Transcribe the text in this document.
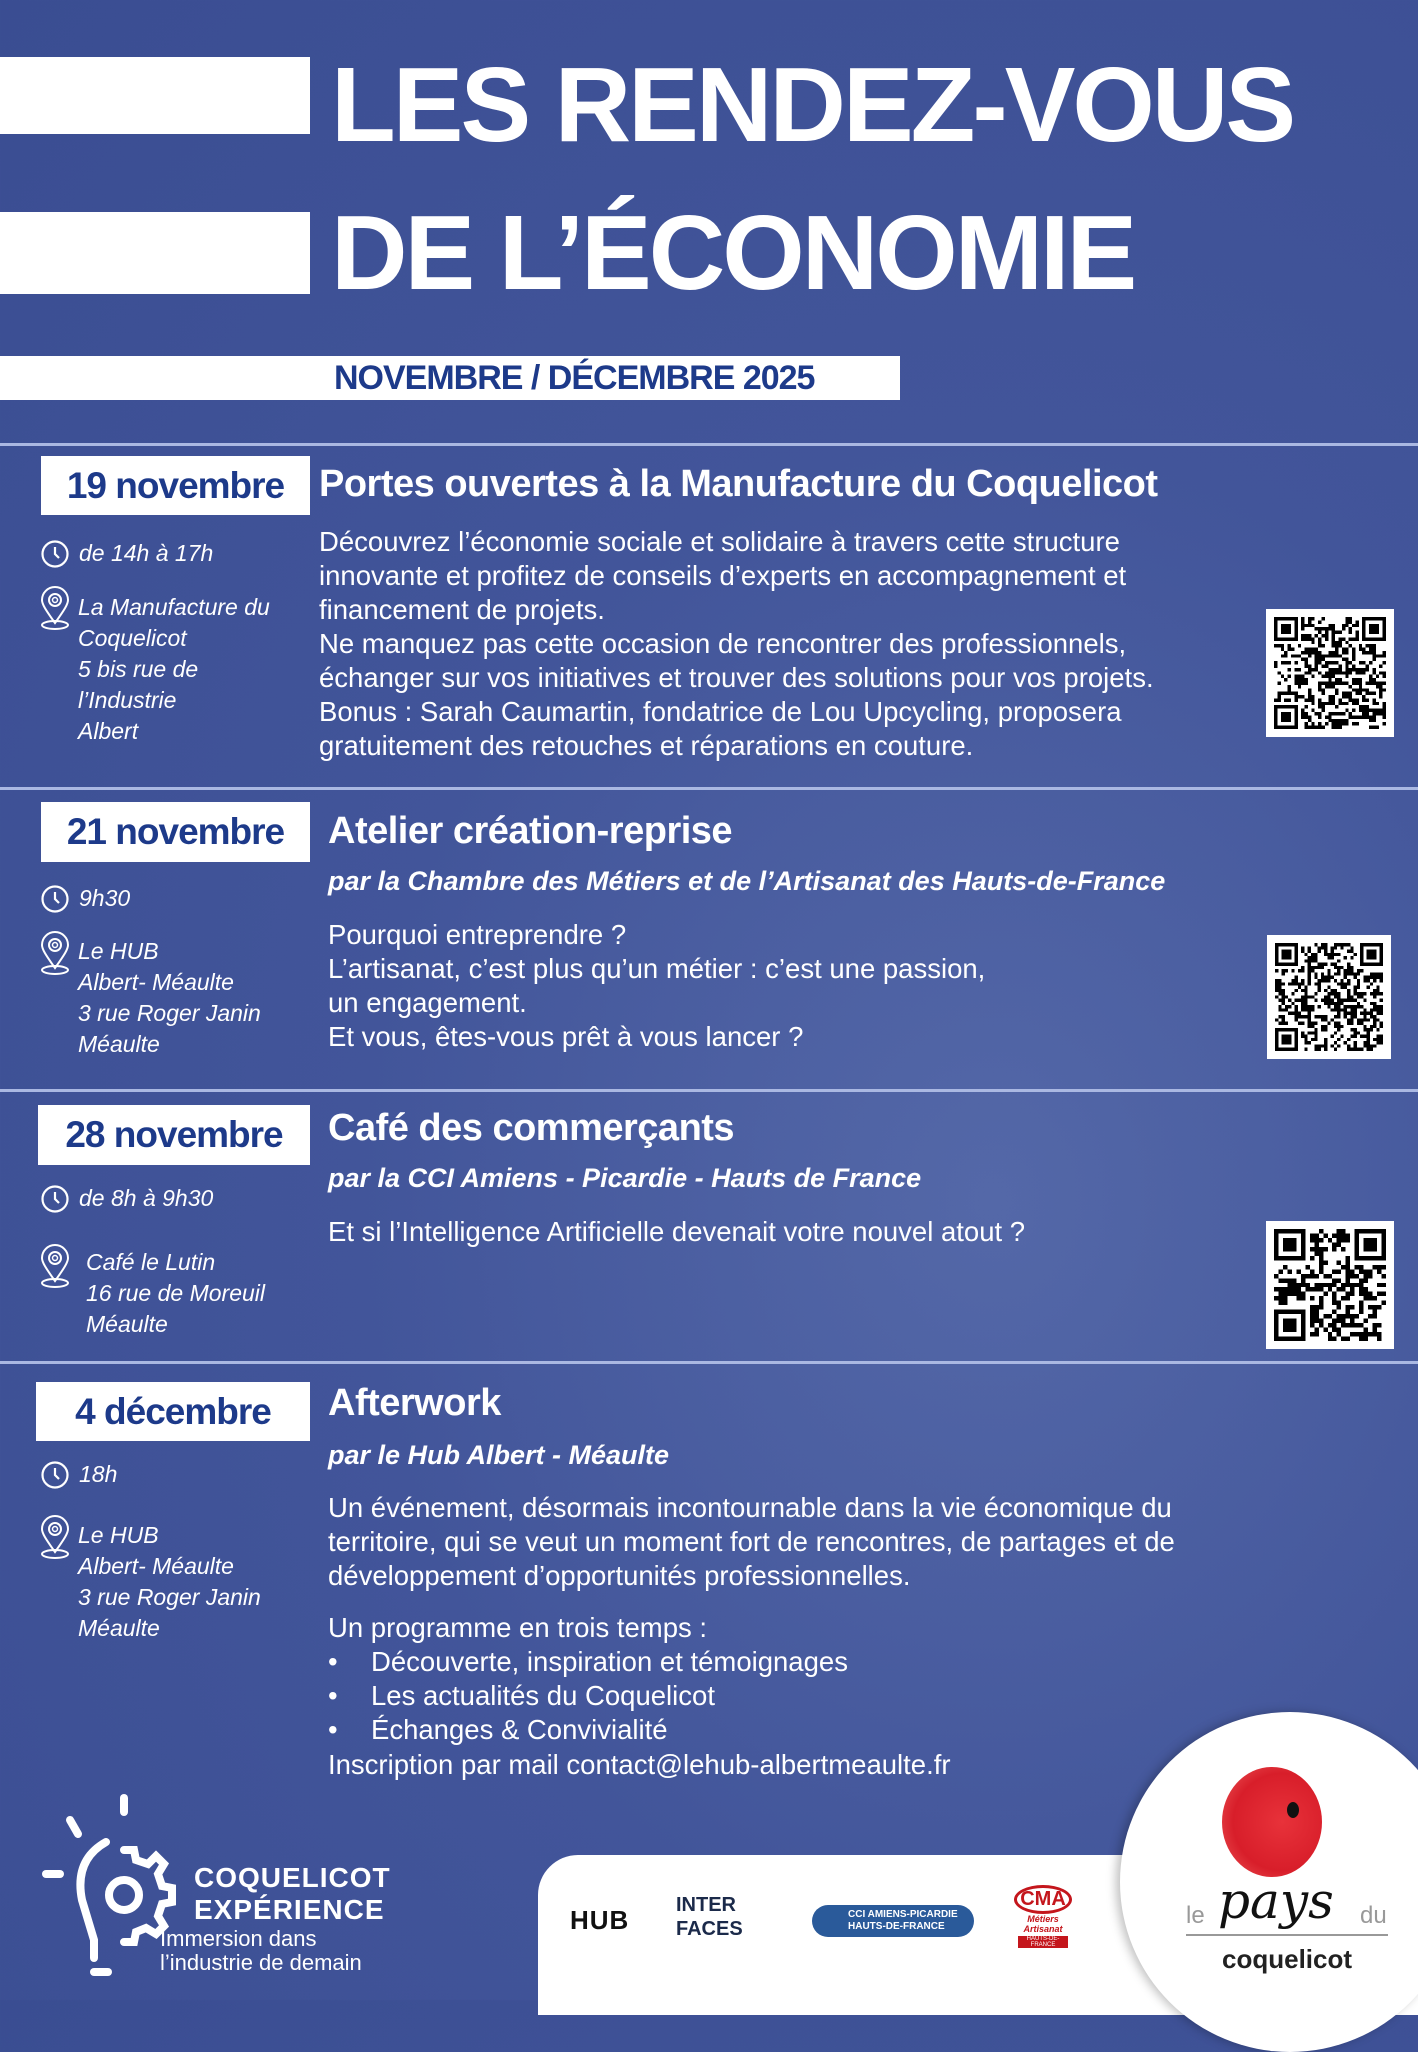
LES RENDEZ-VOUS
DE L’ÉCONOMIE
NOVEMBRE / DÉCEMBRE 2025
19 novembre Portes ouvertes à la Manufacture du Coquelicot
de 14h à 17h
La Manufacture du
Coquelicot
5 bis rue de
l’Industrie
Albert
Découvrez l’économie sociale et solidaire à travers cette structure
innovante et profitez de conseils d’experts en accompagnement et
financement de projets.
Ne manquez pas cette occasion de rencontrer des professionnels,
échanger sur vos initiatives et trouver des solutions pour vos projets.
Bonus : Sarah Caumartin, fondatrice de Lou Upcycling, proposera
gratuitement des retouches et réparations en couture.
21 novembre	Atelier création-reprise
par la Chambre des Métiers et de l’Artisanat des Hauts-de-France
9h30
Le HUB
Albert- Méaulte
3 rue Roger Janin
Méaulte
Pourquoi entreprendre ?
L’artisanat, c’est plus qu’un métier : c’est une passion,
un engagement.
Et vous, êtes-vous prêt à vous lancer ?
28 novembre	Café des commerçants
par la CCI Amiens - Picardie - Hauts de France
de 8h à 9h30
Café le Lutin
16 rue de Moreuil
Méaulte
Et si l’Intelligence Artificielle devenait votre nouvel atout ?
4 décembre	Afterwork
par le Hub Albert - Méaulte
18h
Le HUB
Albert- Méaulte
3 rue Roger Janin
Méaulte
Un événement, désormais incontournable dans la vie économique du
territoire, qui se veut un moment fort de rencontres, de partages et de
développement d’opportunités professionnelles.
Un programme en trois temps :
• Découverte, inspiration et témoignages
• Les actualités du Coquelicot
• Échanges & Convivialité
Inscription par mail contact@lehub-albertmeaulte.fr
COQUELICOT
EXPÉRIENCE
Immersion dans
l’industrie de demain
HUB INTER
FACES
CCI AMIENS-PICARDIE
HAUTS-DE-FRANCE
CMA
Métiers Artisanat
HAUTS-DE-FRANCE
le pays du
coquelicot
